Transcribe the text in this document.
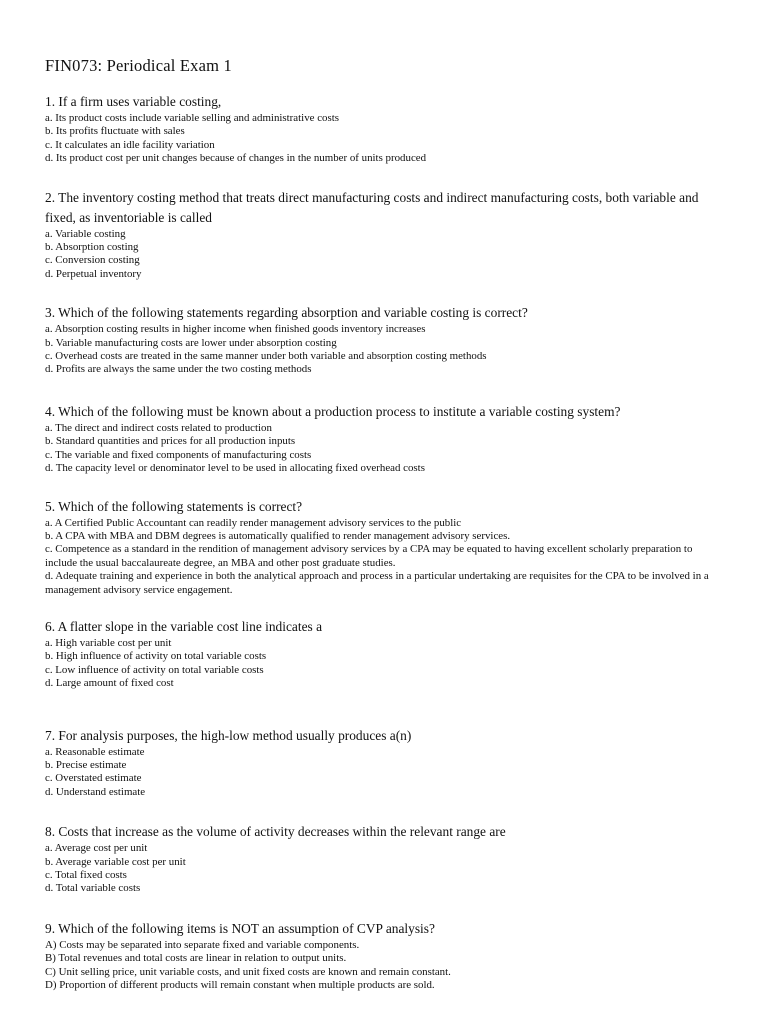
FIN073: Periodical Exam 1

1. If a firm uses variable costing,

a. Its product costs include variable selling and administrative costs
b. Its profits fluctuate with sales
c. It calculates an idle facility variation
d. Its product cost per unit changes because of changes in the number of units produced

2. The inventory costing method that treats direct manufacturing costs and indirect manufacturing costs, both variable and fixed, as inventoriable is called

a. Variable costing
b. Absorption costing
c. Conversion costing
d. Perpetual inventory

3. Which of the following statements regarding absorption and variable costing is correct?

a. Absorption costing results in higher income when finished goods inventory increases
b. Variable manufacturing costs are lower under absorption costing
c. Overhead costs are treated in the same manner under both variable and absorption costing methods
d. Profits are always the same under the two costing methods

4. Which of the following must be known about a production process to institute a variable costing system?

a. The direct and indirect costs related to production
b. Standard quantities and prices for all production inputs
c. The variable and fixed components of manufacturing costs
d. The capacity level or denominator level to be used in allocating fixed overhead costs

5. Which of the following statements is correct?

a. A Certified Public Accountant can readily render management advisory services to the public
b. A CPA with MBA and DBM degrees is automatically qualified to render management advisory services.
c. Competence as a standard in the rendition of management advisory services by a CPA may be equated to having excellent scholarly preparation to include the usual baccalaureate degree, an MBA and other post graduate studies.
d. Adequate training and experience in both the analytical approach and process in a particular undertaking are requisites for the CPA to be involved in a management advisory service engagement.

6. A flatter slope in the variable cost line indicates a

a. High variable cost per unit
b. High influence of activity on total variable costs
c. Low influence of activity on total variable costs
d. Large amount of fixed cost

7. For analysis purposes, the high-low method usually produces a(n)

a. Reasonable estimate
b. Precise estimate
c. Overstated estimate
d. Understand estimate

8. Costs that increase as the volume of activity decreases within the relevant range are

a. Average cost per unit
b. Average variable cost per unit
c. Total fixed costs
d. Total variable costs

9. Which of the following items is NOT an assumption of CVP analysis?

A) Costs may be separated into separate fixed and variable components.
B) Total revenues and total costs are linear in relation to output units.
C) Unit selling price, unit variable costs, and unit fixed costs are known and remain constant.
D) Proportion of different products will remain constant when multiple products are sold.
